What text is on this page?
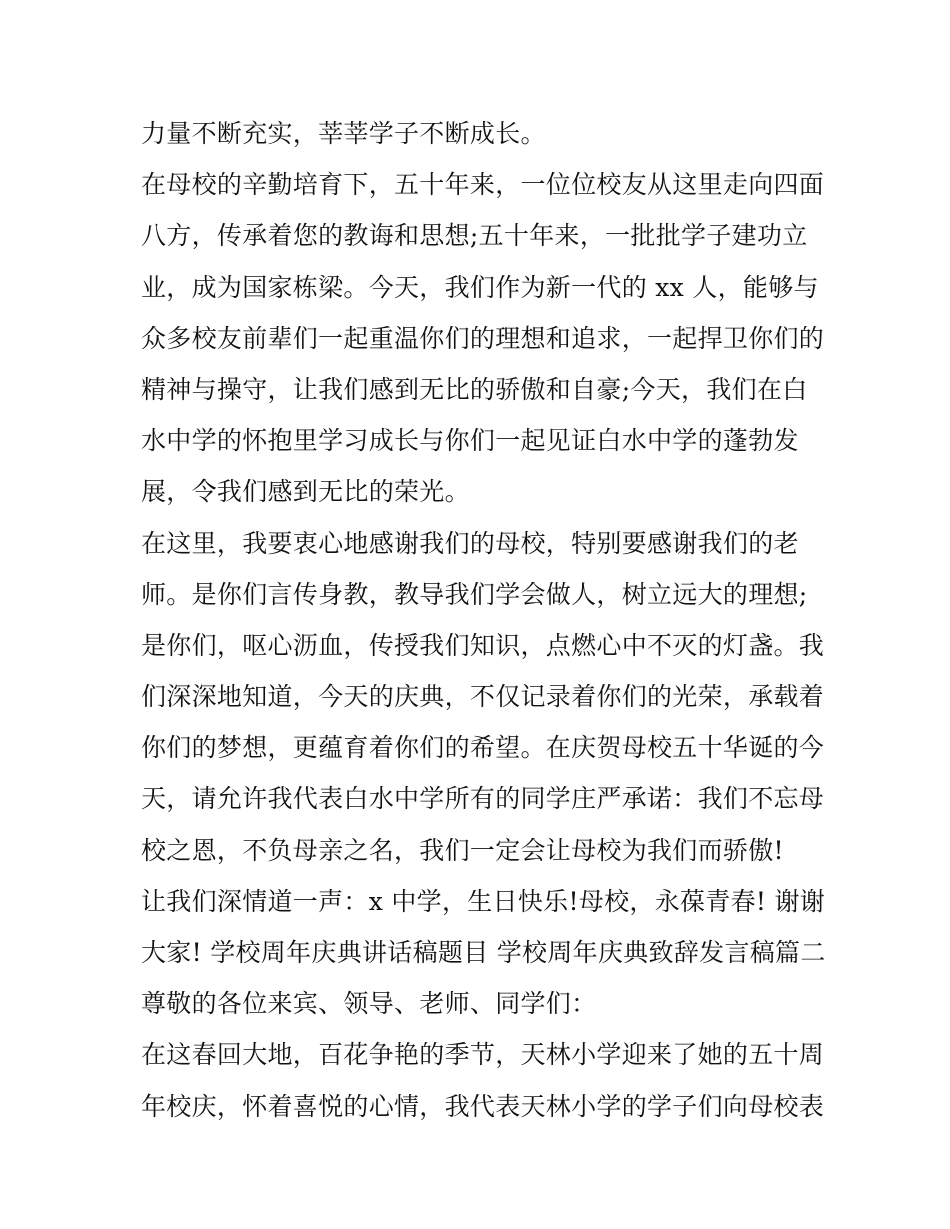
力量不断充实，莘莘学子不断成长。
在母校的辛勤培育下，五十年来，一位位校友从这里走向四面
八方，传承着您的教诲和思想;五十年来，一批批学子建功立
业，成为国家栋梁。今天，我们作为新一代的 xx 人，能够与
众多校友前辈们一起重温你们的理想和追求，一起捍卫你们的
精神与操守，让我们感到无比的骄傲和自豪;今天，我们在白
水中学的怀抱里学习成长与你们一起见证白水中学的蓬勃发
展，令我们感到无比的荣光。
在这里，我要衷心地感谢我们的母校，特别要感谢我们的老
师。是你们言传身教，教导我们学会做人，树立远大的理想;
是你们，呕心沥血，传授我们知识，点燃心中不灭的灯盏。我
们深深地知道，今天的庆典，不仅记录着你们的光荣，承载着
你们的梦想，更蕴育着你们的希望。在庆贺母校五十华诞的今
天，请允许我代表白水中学所有的同学庄严承诺：我们不忘母
校之恩，不负母亲之名，我们一定会让母校为我们而骄傲!
让我们深情道一声：x 中学，生日快乐!母校，永葆青春! 谢谢
大家! 学校周年庆典讲话稿题目 学校周年庆典致辞发言稿篇二
尊敬的各位来宾、领导、老师、同学们：
在这春回大地，百花争艳的季节，天林小学迎来了她的五十周
年校庆，怀着喜悦的心情，我代表天林小学的学子们向母校表
